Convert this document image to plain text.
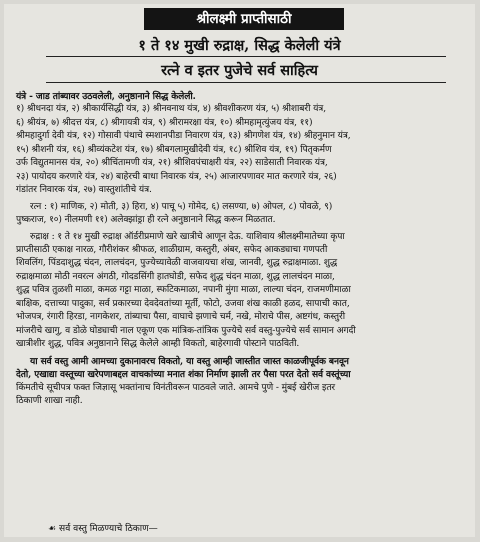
श्रीलक्ष्मी प्राप्तीसाठी
१ ते १४ मुखी रुद्राक्ष, सिद्ध केलेली यंत्रे
रत्ने व इतर पुजेचे सर्व साहित्य

यंत्रे - जाड तांब्यावर उठवलेली, अनुष्ठानाने सिद्ध केलेली.

१) श्रीधनदा यंत्र, २) श्रीकार्यसिद्धी यंत्र, ३) श्रीनवनाथ यंत्र, ४) श्रीवशीकरण यंत्र, ५) श्रीशाबरी यंत्र,

६) श्रीयंत्र, ७) श्रीदत्त यंत्र, ८) श्रीगायत्री यंत्र, ९) श्रीरामरक्षा यंत्र, १०) श्रीमहामृत्युंजय यंत्र, ११)

श्रीमहादुर्गा देवी यंत्र, १२) गोसावी पंथाचे स्मशानपीडा निवारण यंत्र, १३) श्रीगणेश यंत्र, १४) श्रीहनुमान यंत्र,

१५) श्रीशनी यंत्र, १६) श्रीव्यंकटेश यंत्र, १७) श्रीबगलामुखीदेवी यंत्र, १८) श्रीशिव यंत्र, १९) पितृकर्मण

उर्फ विद्युतमानस यंत्र, २०) श्रीचिंतामणी यंत्र, २१) श्रीशिवपंचाक्षरी यंत्र, २२) साडेसाती निवारक यंत्र,

२३) पायोदय करणारे यंत्र, २४) बाहेरची बाधा निवारक यंत्र, २५) आजारपणावर मात करणारे यंत्र, २६)

गंडांतर निवारक यंत्र, २७) वास्तुशांतीचे यंत्र.

रत्न : १) माणिक, २) मोती, ३) हिरा, ४) पाचू ५) गोमेद, ६) लसण्या, ७) ओपल, ८) पोवळे, ९)

पुष्कराज, १०) नीलमणी ११) अलेक्झांड्रा ही रत्ने अनुष्ठानाने सिद्ध करून मिळतात.

रुद्राक्ष : १ ते १४ मुखी रुद्राक्ष ऑर्डरीप्रमाणे खरे खात्रीचे आणून देऊ. याशिवाय श्रीलक्ष्मीमातेच्या कृपा

प्राप्तीसाठी एकाक्ष नारळ, गौरीशंकर श्रीफळ, शाळीग्राम, कस्तुरी, अंबर, सफेद आकड्याचा गणपती

शिवलिंग, पिंडदाशुद्ध चंदन, लालचंदन, पुज्येच्यावेळी वाजवायचा शंख, जानवी, शुद्ध रुद्राक्षमाळा. शुद्ध

रुद्राक्षमाळा मोठी नवरत्न अंगठी, गोदडसिंगी हातघोडी, सफेद शुद्ध चंदन माळा, शुद्ध लालचंदन माळा,

शुद्ध पवित्र तुळशी माळा, कमळ गट्टा माळा, स्फटिकमाळा, नपानी मुंगा माळा, लाल्या चंदन, राजमणीमाळा

बाक्षिक, दत्ताच्या पादुका, सर्व प्रकारच्या देवदेवतांच्या मूर्ती, फोटो, उजवा शंख काळी हळद, सापाची कात,

भोजपत्र, रंगारी हिरडा, नागकेशर, तांब्याचा पैसा, वाघाचे झणाचे चर्म, नखे, मोराचे पीस, अष्टगंध, कस्तुरी

मांजरीचे खागु, व डोळे घोड्याची नाल एकूण एक मांत्रिक-तांत्रिक पुज्येचे सर्व वस्तु-पुज्येचे सर्व सामान अगदी

खात्रीशीर शुद्ध, पवित्र अनुष्ठानाने सिद्ध केलेले आम्ही विकतो, बाहेरगावी पोस्टाने पाठविती.

या सर्व वस्तु आमी आमच्या दुकानावरच विकतो, या वस्तु आम्ही जास्तीत जास्त काळजीपूर्वक बनवून

देतो, एखाद्या वस्तूच्या खरेपणाबद्दल वाचकांच्या मनात शंका निर्माण झाली तर पैसा परत देतो सर्व वस्तूंच्या

किंमतीचे सूचीपत्र फक्त जिज्ञासू भक्तांनाच विनंतीवरून पाठवले जाते. आमचे पुणे - मुंबई खेरीज इतर

ठिकाणी शाखा नाही.

☙ सर्व वस्तु मिळण्याचे ठिकाण—
